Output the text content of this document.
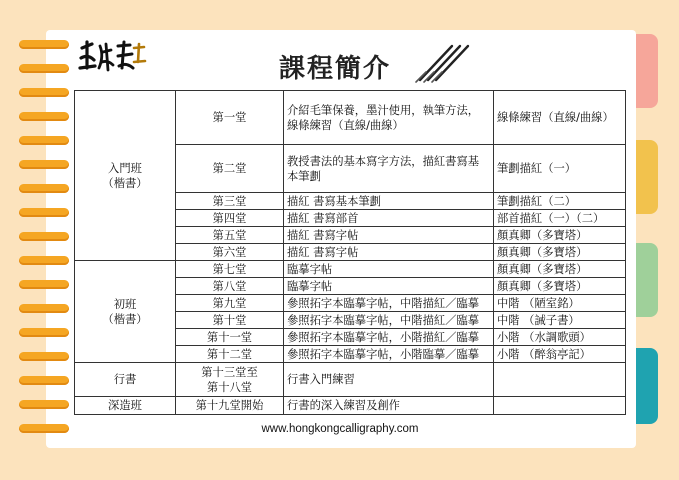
課程簡介
入門班
（楷書）	第一堂	介紹毛筆保養，墨汁使用，執筆方法，線條練習（直線/曲線）	線條練習（直線/曲線）
	第二堂	教授書法的基本寫字方法，描紅書寫基本筆劃	筆劃描紅（一）
	第三堂	描紅 書寫基本筆劃	筆劃描紅（二）
	第四堂	描紅 書寫部首	部首描紅（一）（二）
	第五堂	描紅 書寫字帖	顏真卿（多寶塔）
	第六堂	描紅 書寫字帖	顏真卿（多寶塔）

初班
（楷書）	第七堂	臨摹字帖	顏真卿（多寶塔）
	第八堂	臨摹字帖	顏真卿（多寶塔）
	第九堂	參照拓字本臨摹字帖，中階描紅／臨摹	中階 （陋室銘）
	第十堂	參照拓字本臨摹字帖，中階描紅／臨摹	中階 （誡子書）
	第十一堂	參照拓字本臨摹字帖，小階描紅／臨摹	小階 （水調歌頭）
	第十二堂	參照拓字本臨摹字帖，小階臨摹／臨摹	小階 （醉翁亭記）

行書	第十三堂至
第十八堂	行書入門練習	

深造班	第十九堂開始	行書的深入練習及創作	
www.hongkongcalligraphy.com
